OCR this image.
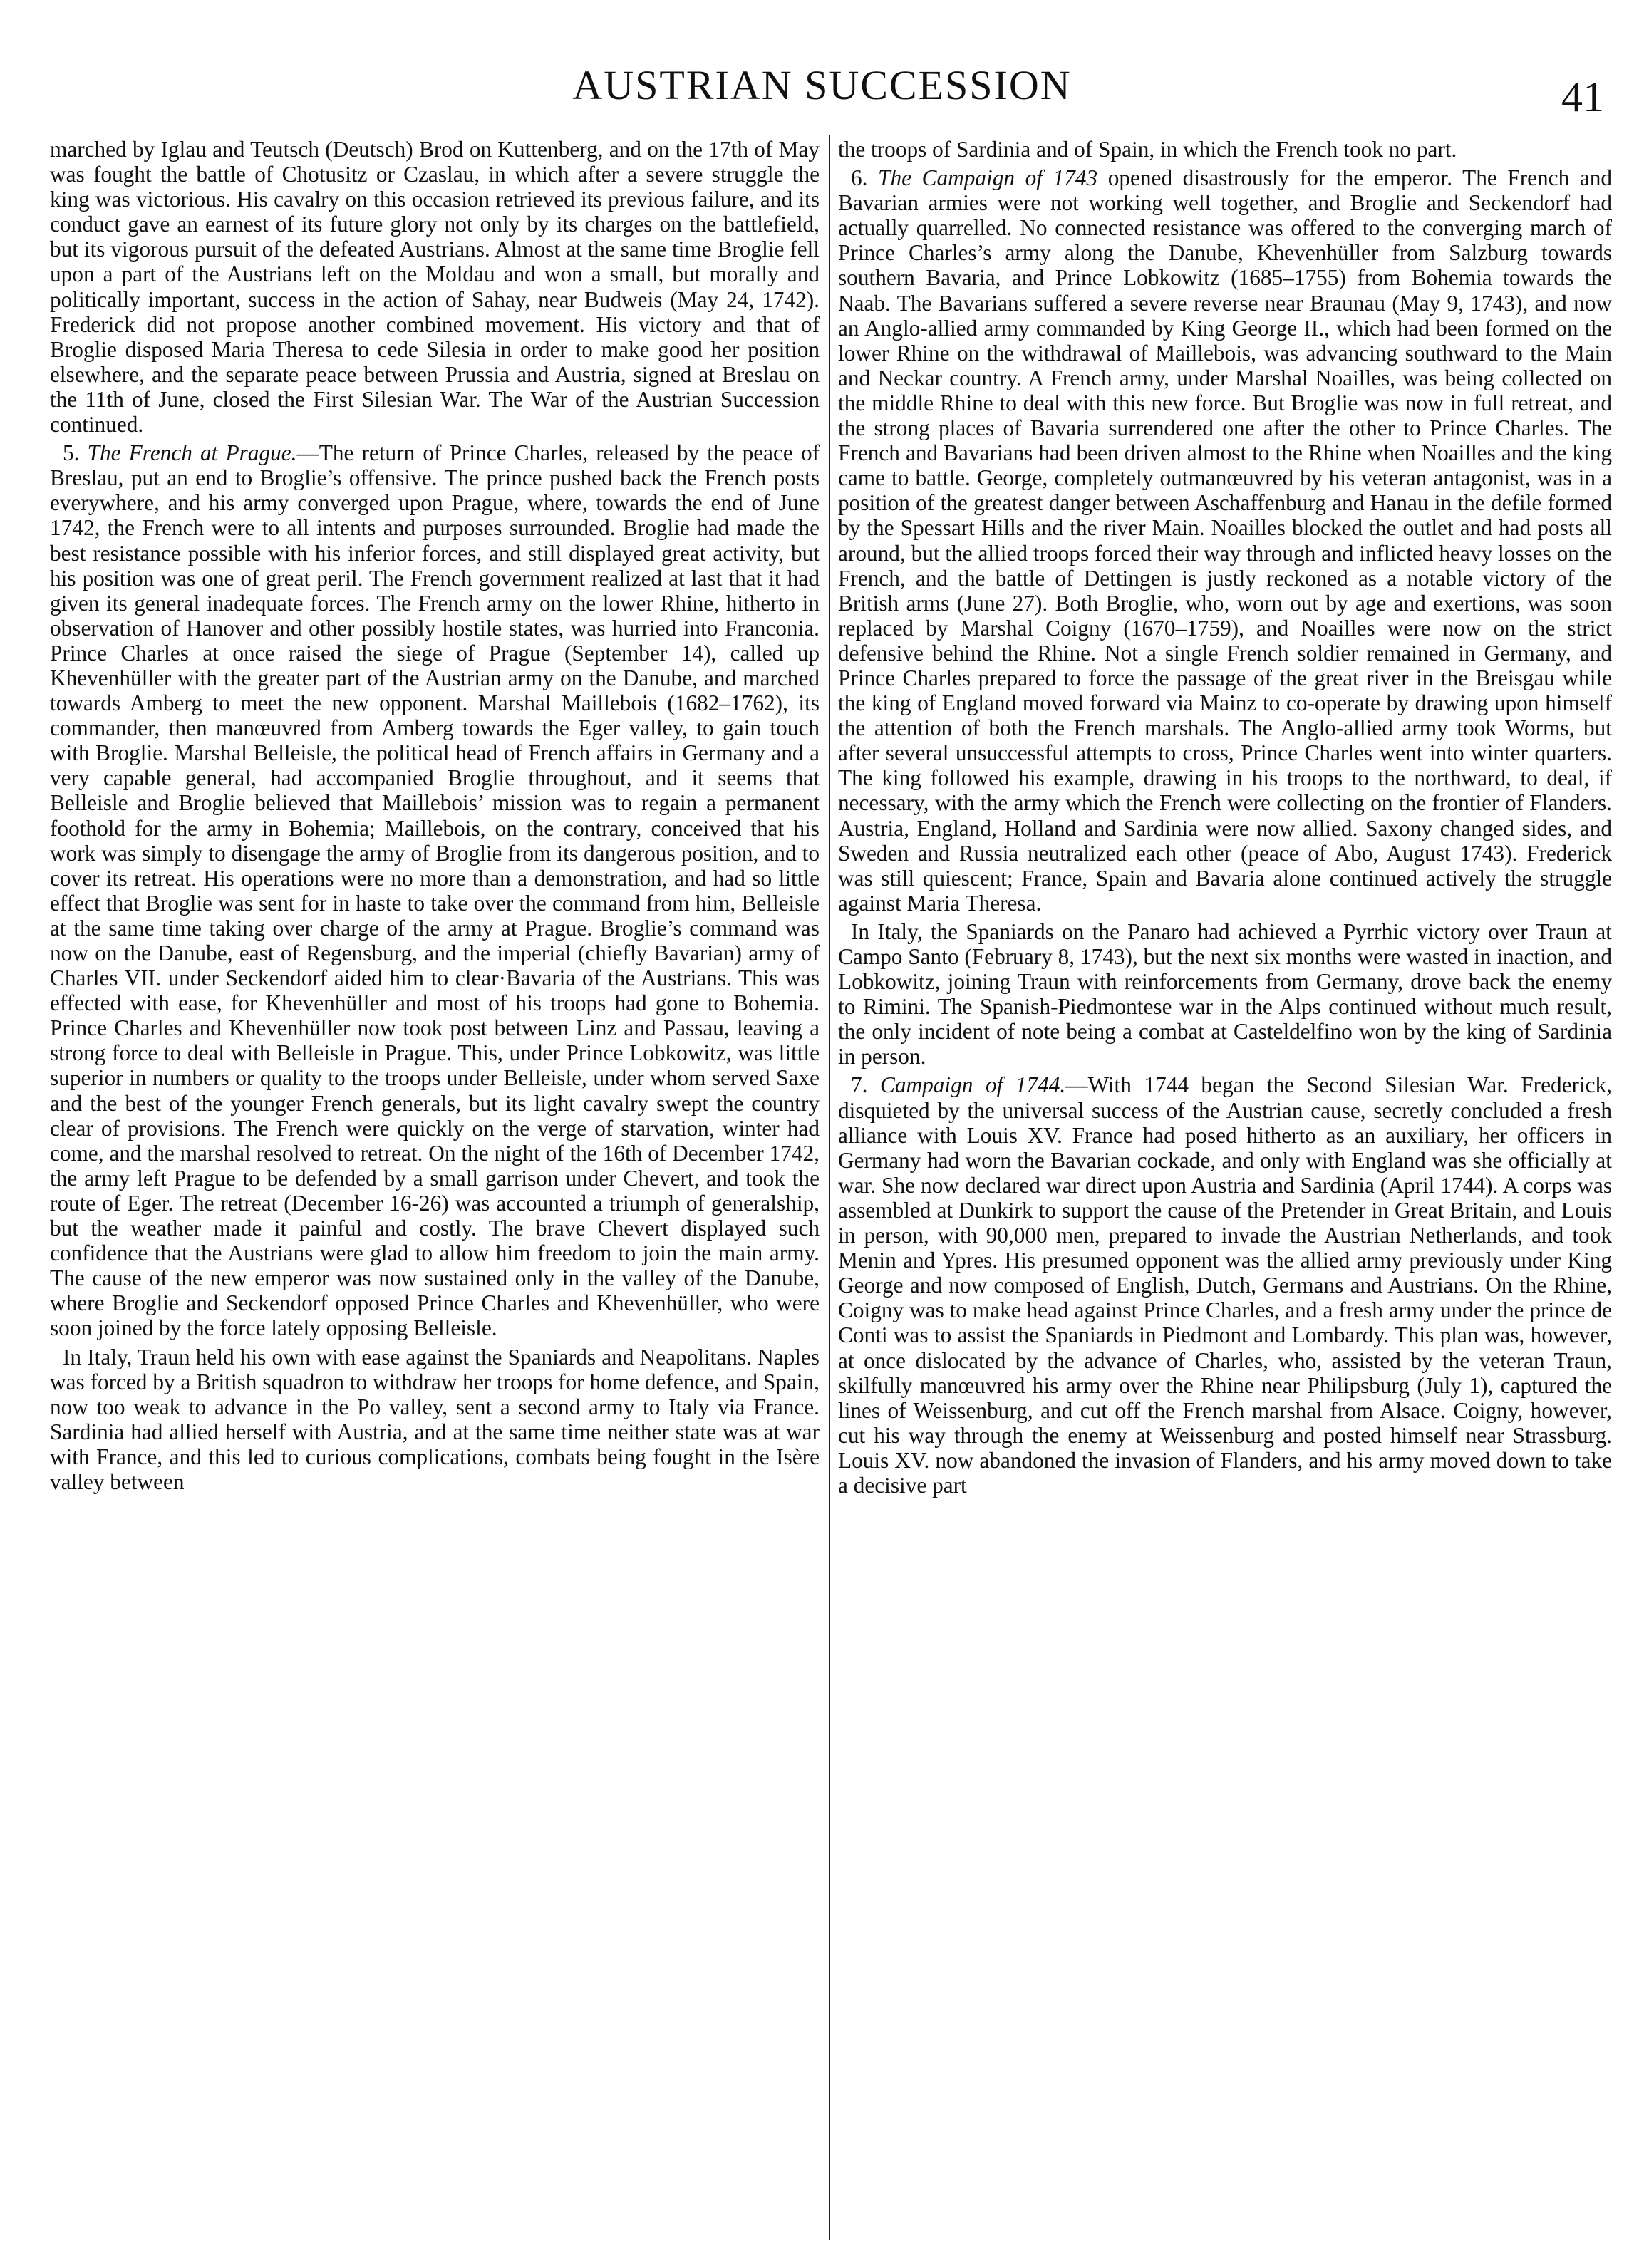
AUSTRIAN SUCCESSION	41

marched by Iglau and Teutsch (Deutsch) Brod on Kuttenberg, and on the 17th of May was fought the battle of Chotusitz or Czaslau, in which after a severe struggle the king was victorious. His cavalry on this occasion retrieved its previous failure, and its conduct gave an earnest of its future glory not only by its charges on the battlefield, but its vigorous pursuit of the defeated Austrians. Almost at the same time Broglie fell upon a part of the Austrians left on the Moldau and won a small, but morally and politically important, success in the action of Sahay, near Budweis (May 24, 1742). Frederick did not propose another combined movement. His victory and that of Broglie disposed Maria Theresa to cede Silesia in order to make good her position elsewhere, and the separate peace between Prussia and Austria, signed at Breslau on the 11th of June, closed the First Silesian War. The War of the Austrian Succession continued.

5. The French at Prague.—The return of Prince Charles, released by the peace of Breslau, put an end to Broglie’s offensive. The prince pushed back the French posts everywhere, and his army converged upon Prague, where, towards the end of June 1742, the French were to all intents and purposes surrounded. Broglie had made the best resistance possible with his inferior forces, and still displayed great activity, but his position was one of great peril. The French government realized at last that it had given its general inadequate forces. The French army on the lower Rhine, hitherto in observation of Hanover and other possibly hostile states, was hurried into Franconia. Prince Charles at once raised the siege of Prague (September 14), called up Khevenhüller with the greater part of the Austrian army on the Danube, and marched towards Amberg to meet the new opponent. Marshal Maillebois (1682–1762), its commander, then manœuvred from Amberg towards the Eger valley, to gain touch with Broglie. Marshal Belleisle, the political head of French affairs in Germany and a very capable general, had accompanied Broglie throughout, and it seems that Belleisle and Broglie believed that Maillebois’ mission was to regain a permanent foothold for the army in Bohemia; Maillebois, on the contrary, conceived that his work was simply to disengage the army of Broglie from its dangerous position, and to cover its retreat. His operations were no more than a demonstration, and had so little effect that Broglie was sent for in haste to take over the command from him, Belleisle at the same time taking over charge of the army at Prague. Broglie’s command was now on the Danube, east of Regensburg, and the imperial (chiefly Bavarian) army of Charles VII. under Seckendorf aided him to clear·Bavaria of the Austrians. This was effected with ease, for Khevenhüller and most of his troops had gone to Bohemia. Prince Charles and Khevenhüller now took post between Linz and Passau, leaving a strong force to deal with Belleisle in Prague. This, under Prince Lobkowitz, was little superior in numbers or quality to the troops under Belleisle, under whom served Saxe and the best of the younger French generals, but its light cavalry swept the country clear of provisions. The French were quickly on the verge of starvation, winter had come, and the marshal resolved to retreat. On the night of the 16th of December 1742, the army left Prague to be defended by a small garrison under Chevert, and took the route of Eger. The retreat (December 16-26) was accounted a triumph of generalship, but the weather made it painful and costly. The brave Chevert displayed such confidence that the Austrians were glad to allow him freedom to join the main army. The cause of the new emperor was now sustained only in the valley of the Danube, where Broglie and Seckendorf opposed Prince Charles and Khevenhüller, who were soon joined by the force lately opposing Belleisle.

In Italy, Traun held his own with ease against the Spaniards and Neapolitans. Naples was forced by a British squadron to withdraw her troops for home defence, and Spain, now too weak to advance in the Po valley, sent a second army to Italy via France. Sardinia had allied herself with Austria, and at the same time neither state was at war with France, and this led to curious complications, combats being fought in the Isère valley between

the troops of Sardinia and of Spain, in which the French took no part.

6. The Campaign of 1743 opened disastrously for the emperor. The French and Bavarian armies were not working well together, and Broglie and Seckendorf had actually quarrelled. No connected resistance was offered to the converging march of Prince Charles’s army along the Danube, Khevenhüller from Salzburg towards southern Bavaria, and Prince Lobkowitz (1685–1755) from Bohemia towards the Naab. The Bavarians suffered a severe reverse near Braunau (May 9, 1743), and now an Anglo-allied army commanded by King George II., which had been formed on the lower Rhine on the withdrawal of Maillebois, was advancing southward to the Main and Neckar country. A French army, under Marshal Noailles, was being collected on the middle Rhine to deal with this new force. But Broglie was now in full retreat, and the strong places of Bavaria surrendered one after the other to Prince Charles. The French and Bavarians had been driven almost to the Rhine when Noailles and the king came to battle. George, completely outmanœuvred by his veteran antagonist, was in a position of the greatest danger between Aschaffenburg and Hanau in the defile formed by the Spessart Hills and the river Main. Noailles blocked the outlet and had posts all around, but the allied troops forced their way through and inflicted heavy losses on the French, and the battle of Dettingen is justly reckoned as a notable victory of the British arms (June 27). Both Broglie, who, worn out by age and exertions, was soon replaced by Marshal Coigny (1670–1759), and Noailles were now on the strict defensive behind the Rhine. Not a single French soldier remained in Germany, and Prince Charles prepared to force the passage of the great river in the Breisgau while the king of England moved forward via Mainz to co-operate by drawing upon himself the attention of both the French marshals. The Anglo-allied army took Worms, but after several unsuccessful attempts to cross, Prince Charles went into winter quarters. The king followed his example, drawing in his troops to the northward, to deal, if necessary, with the army which the French were collecting on the frontier of Flanders. Austria, England, Holland and Sardinia were now allied. Saxony changed sides, and Sweden and Russia neutralized each other (peace of Abo, August 1743). Frederick was still quiescent; France, Spain and Bavaria alone continued actively the struggle against Maria Theresa.

In Italy, the Spaniards on the Panaro had achieved a Pyrrhic victory over Traun at Campo Santo (February 8, 1743), but the next six months were wasted in inaction, and Lobkowitz, joining Traun with reinforcements from Germany, drove back the enemy to Rimini. The Spanish-Piedmontese war in the Alps continued without much result, the only incident of note being a combat at Casteldelfino won by the king of Sardinia in person.

7. Campaign of 1744.—With 1744 began the Second Silesian War. Frederick, disquieted by the universal success of the Austrian cause, secretly concluded a fresh alliance with Louis XV. France had posed hitherto as an auxiliary, her officers in Germany had worn the Bavarian cockade, and only with England was she officially at war. She now declared war direct upon Austria and Sardinia (April 1744). A corps was assembled at Dunkirk to support the cause of the Pretender in Great Britain, and Louis in person, with 90,000 men, prepared to invade the Austrian Netherlands, and took Menin and Ypres. His presumed opponent was the allied army previously under King George and now composed of English, Dutch, Germans and Austrians. On the Rhine, Coigny was to make head against Prince Charles, and a fresh army under the prince de Conti was to assist the Spaniards in Piedmont and Lombardy. This plan was, however, at once dislocated by the advance of Charles, who, assisted by the veteran Traun, skilfully manœuvred his army over the Rhine near Philipsburg (July 1), captured the lines of Weissenburg, and cut off the French marshal from Alsace. Coigny, however, cut his way through the enemy at Weissenburg and posted himself near Strassburg. Louis XV. now abandoned the invasion of Flanders, and his army moved down to take a decisive part
